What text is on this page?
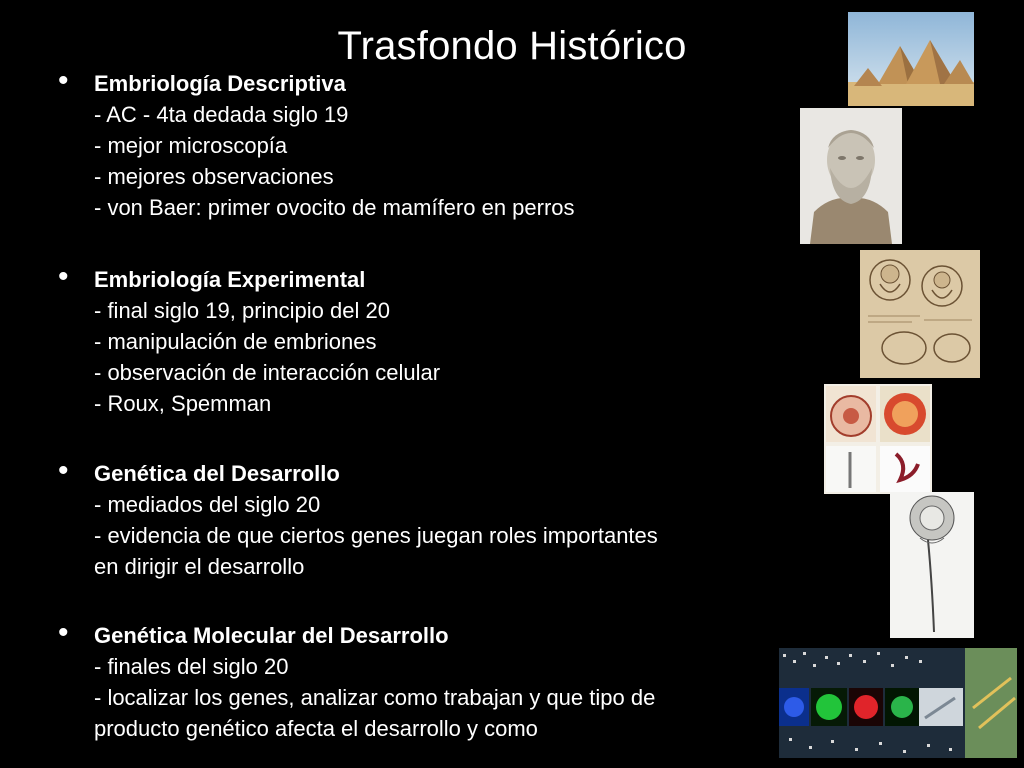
Trasfondo Histórico
• Embriología Descriptiva
- AC - 4ta dedada siglo 19
- mejor microscopía
- mejores observaciones
- von Baer: primer ovocito de mamífero en perros
• Embriología Experimental
- final siglo 19, principio del 20
- manipulación de embriones
- observación de interacción celular
- Roux, Spemman
• Genética del Desarrollo
- mediados del siglo 20
- evidencia de que ciertos genes juegan roles importantes
en dirigir el desarrollo
• Genética Molecular del Desarrollo
- finales del siglo 20
- localizar los genes, analizar como trabajan y que tipo de
producto genético afecta el desarrollo y como
